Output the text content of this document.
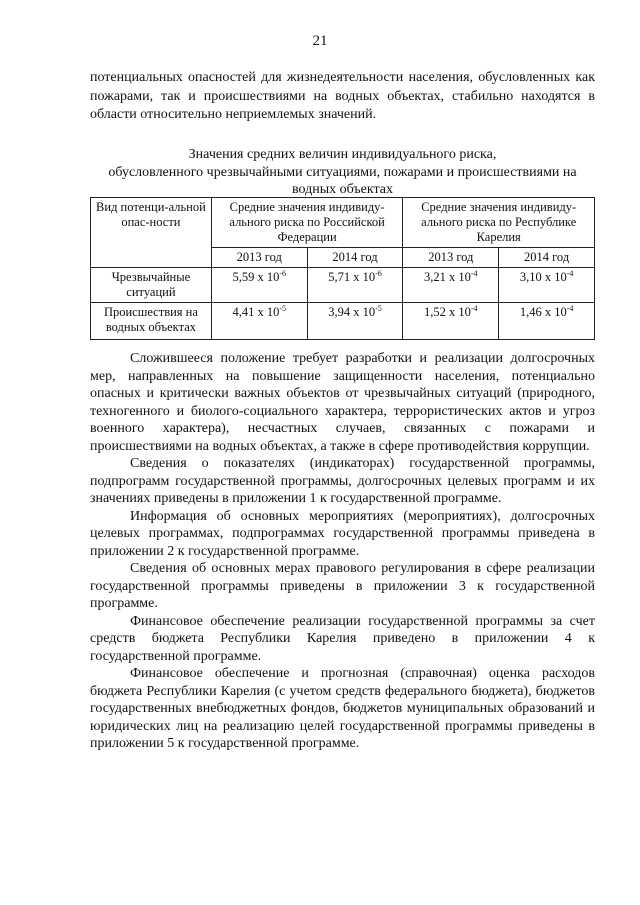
21
потенциальных опасностей для жизнедеятельности населения, обусловленных как пожарами, так и происшествиями на водных объектах, стабильно находятся в области относительно неприемлемых значений.
Значения средних величин индивидуального риска,
обусловленного чрезвычайными ситуациями, пожарами и происшествиями на
водных объектах
Вид потенци-альной опас-ности	Средние значения индивиду-ального риска по Российской Федерации		Средние значения индивиду-ального риска по Республике Карелия	
	2013 год	2014 год	2013 год	2014 год
Чрезвычайные ситуаций	5,59 x $10^{-6}$	5,71 x $10^{-6}$	3,21 x $10^{-4}$	3,10 x $10^{-4}$
Происшествия на водных объектах	4,41 x $10^{-5}$	3,94 x $10^{-5}$	1,52 x $10^{-4}$	1,46 x $10^{-4}$

Сложившееся положение требует разработки и реализации долгосрочных мер, направленных на повышение защищенности населения, потенциально опасных и критически важных объектов от чрезвычайных ситуаций (природного, техногенного и биолого-социального характера, террористических актов и угроз военного характера), несчастных случаев, связанных с пожарами и происшествиями на водных объектах, а также в сфере противодействия коррупции.

Сведения о показателях (индикаторах) государственной программы, подпрограмм государственной программы, долгосрочных целевых программ и их значениях приведены в приложении 1 к государственной программе.

Информация об основных мероприятиях (мероприятиях), долгосрочных целевых программах, подпрограммах государственной программы приведена в приложении 2 к государственной программе.

Сведения об основных мерах правового регулирования в сфере реализации государственной программы приведены в приложении 3 к государственной программе.

Финансовое обеспечение реализации государственной программы за счет средств бюджета Республики Карелия приведено в приложении 4 к государственной программе.

Финансовое обеспечение и прогнозная (справочная) оценка расходов бюджета Республики Карелия (с учетом средств федерального бюджета), бюджетов государственных внебюджетных фондов, бюджетов муниципальных образований и юридических лиц на реализацию целей государственной программы приведены в приложении 5 к государственной программе.
